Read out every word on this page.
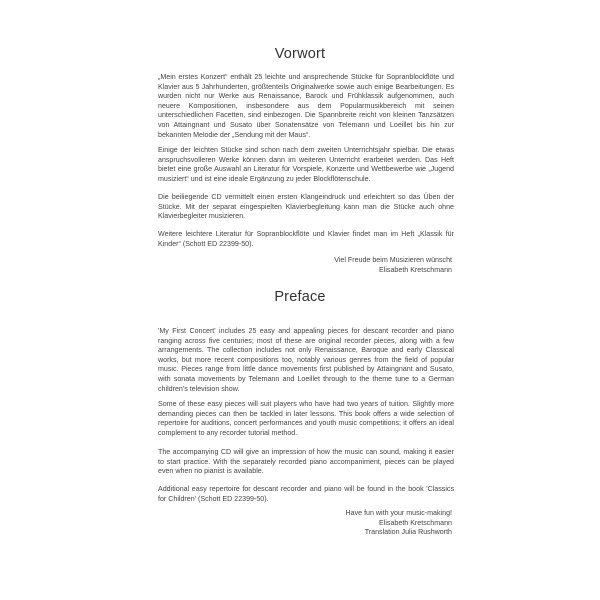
Vorwort

„Mein erstes Konzert“ enthält 25 leichte und ansprechende Stücke für Sopranblockflöte und Klavier aus 5 Jahrhunderten, größtenteils Originalwerke sowie auch einige Bearbeitungen. Es wurden nicht nur Werke aus Renaissance, Barock und Frühklassik aufgenommen, auch neuere Kompositionen, insbesondere aus dem Popularmusikbereich mit seinen unterschiedlichen Facetten, sind einbezogen. Die Spannbreite reicht von kleinen Tanzsätzen von Attaingnant und Susato über Sonatensätze von Telemann und Loeillet bis hin zur bekannten Melodie der „Sendung mit der Maus“.

Einige der leichten Stücke sind schon nach dem zweiten Unterrichtsjahr spielbar. Die etwas anspruchsvolleren Werke können dann im weiteren Unterricht erarbeitet werden. Das Heft bietet eine große Auswahl an Literatur für Vorspiele, Konzerte und Wettbewerbe wie „Jugend musiziert“ und ist eine ideale Ergänzung zu jeder Blockflötenschule.

Die beiliegende CD vermittelt einen ersten Klangeindruck und erleichtert so das Üben der Stücke. Mit der separat eingespielten Klavierbegleitung kann man die Stücke auch ohne Klavierbegleiter musizieren.

Weitere leichtere Literatur für Sopranblockflöte und Klavier findet man im Heft „Klassik für Kinder“ (Schott ED 22399-50).

Viel Freude beim Musizieren wünscht
Elisabeth Kretschmann
Preface

'My First Concert' includes 25 easy and appealing pieces for descant recorder and piano ranging across five centuries; most of these are original recorder pieces, along with a few arrangements. The collection includes not only Renaissance, Baroque and early Classical works, but more recent compositions too, notably various genres from the field of popular music. Pieces range from little dance movements first published by Attaingnant and Susato, with sonata movements by Telemann and Loeillet through to the theme tune to a German children's television show.

Some of these easy pieces will suit players who have had two years of tuition. Slightly more demanding pieces can then be tackled in later lessons. This book offers a wide selection of repertoire for auditions, concert performances and youth music competitions; it offers an ideal complement to any recorder tutorial method.

The accompanying CD will give an impression of how the music can sound, making it easier to start practice. With the separately recorded piano accompaniment, pieces can be played even when no pianist is available.

Additional easy repertoire for descant recorder and piano will be found in the book 'Classics for Children' (Schott ED 22399-50).

Have fun with your music-making!
Elisabeth Kretschmann
Translation Julia Rushworth
